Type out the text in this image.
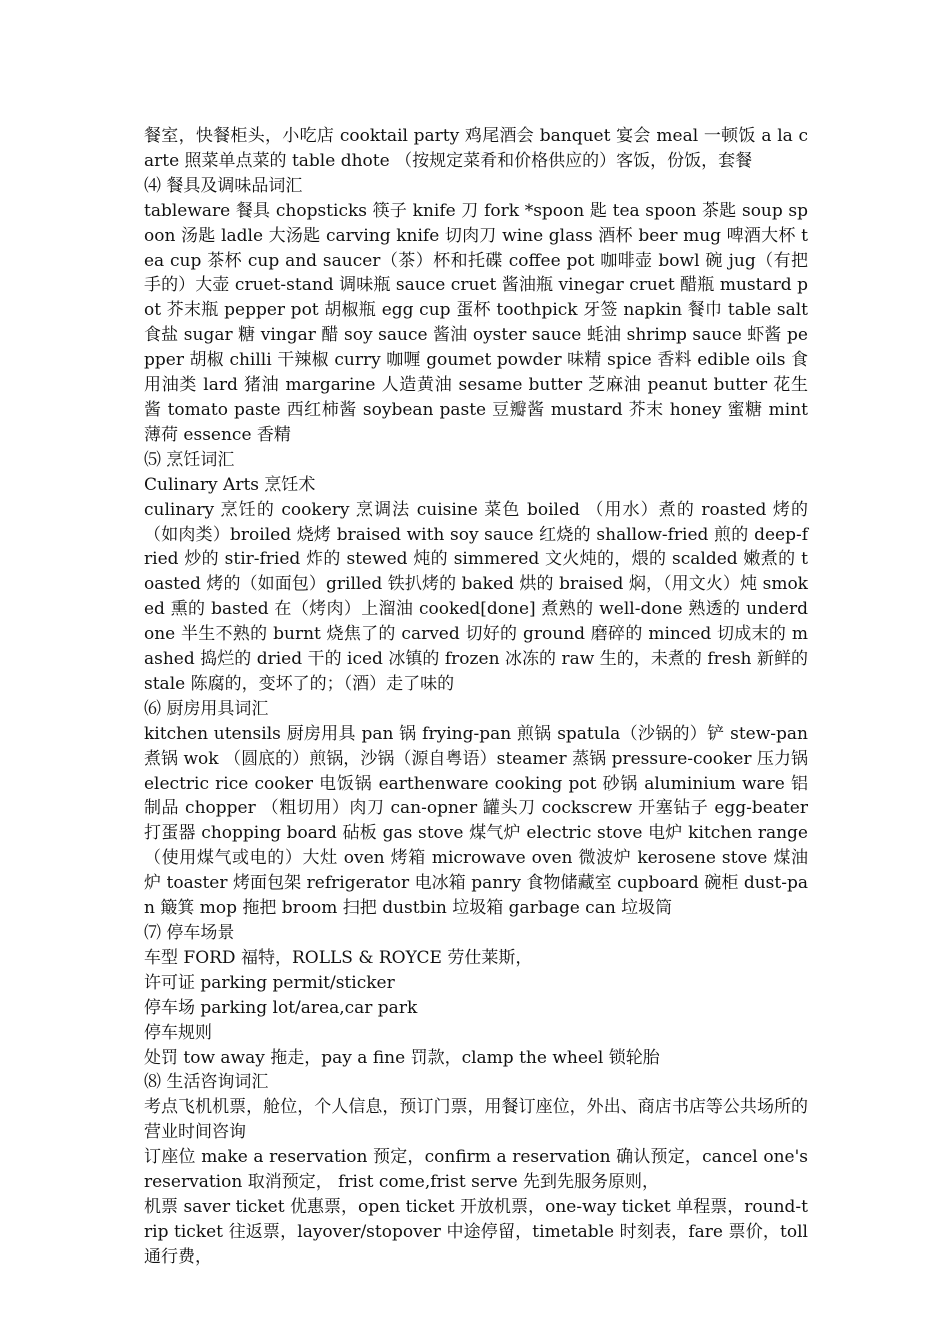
餐室，快餐柜头，小吃店 cooktail party 鸡尾酒会 banquet 宴会 meal 一顿饭 a la carte 照菜单点菜的 table dhote （按规定菜肴和价格供应的）客饭，份饭，套餐

⑷ 餐具及调味品词汇

tableware 餐具 chopsticks 筷子 knife 刀 fork *spoon 匙 tea spoon 茶匙 soup spoon 汤匙 ladle 大汤匙 carving knife 切肉刀 wine glass 酒杯 beer mug 啤酒大杯 tea cup 茶杯 cup and saucer（茶）杯和托碟 coffee pot 咖啡壶 bowl 碗 jug（有把手的）大壶 cruet-stand 调味瓶 sauce cruet 酱油瓶 vinegar cruet 醋瓶 mustard pot 芥末瓶 pepper pot 胡椒瓶 egg cup 蛋杯 toothpick 牙签 napkin 餐巾 table salt 食盐 sugar 糖 vingar 醋 soy sauce 酱油 oyster sauce 蚝油 shrimp sauce 虾酱 pepper 胡椒 chilli 干辣椒 curry 咖喱 goumet powder 味精 spice 香料 edible oils 食用油类 lard 猪油 margarine 人造黄油 sesame butter 芝麻油 peanut butter 花生酱 tomato paste 西红柿酱 soybean paste 豆瓣酱 mustard 芥末 honey 蜜糖 mint 薄荷 essence 香精

⑸ 烹饪词汇

Culinary Arts 烹饪术

culinary 烹饪的 cookery 烹调法 cuisine 菜色 boiled （用水）煮的 roasted 烤的（如肉类）broiled 烧烤 braised with soy sauce 红烧的 shallow-fried 煎的 deep-fried 炒的 stir-fried 炸的 stewed 炖的 simmered 文火炖的，煨的 scalded 嫩煮的 toasted 烤的（如面包）grilled 铁扒烤的 baked 烘的 braised 焖，（用文火）炖 smoked 熏的 basted 在（烤肉）上溜油 cooked[done] 煮熟的 well-done 熟透的 underdone 半生不熟的 burnt 烧焦了的 carved 切好的 ground 磨碎的 minced 切成末的 mashed 捣烂的 dried 干的 iced 冰镇的 frozen 冰冻的 raw 生的，未煮的 fresh 新鲜的 stale 陈腐的，变坏了的；（酒）走了味的

⑹ 厨房用具词汇

kitchen utensils 厨房用具 pan 锅 frying-pan 煎锅 spatula（沙锅的）铲 stew-pan 煮锅 wok （圆底的）煎锅，沙锅（源自粤语）steamer 蒸锅 pressure-cooker 压力锅 electric rice cooker 电饭锅 earthenware cooking pot 砂锅 aluminium ware 铝制品 chopper （粗切用）肉刀 can-opner 罐头刀 cockscrew 开塞钻子 egg-beater 打蛋器 chopping board 砧板 gas stove 煤气炉 electric stove 电炉 kitchen range （使用煤气或电的）大灶 oven 烤箱 microwave oven 微波炉 kerosene stove 煤油炉 toaster 烤面包架 refrigerator 电冰箱 panry 食物储藏室 cupboard 碗柜 dust-pan 簸箕 mop 拖把 broom 扫把 dustbin 垃圾箱 garbage can 垃圾筒

⑺ 停车场景

车型 FORD 福特，ROLLS & ROYCE 劳仕莱斯，

许可证 parking permit/sticker

停车场 parking lot/area,car park

停车规则

处罚 tow away 拖走，pay a fine 罚款，clamp the wheel 锁轮胎

⑻ 生活咨询词汇

考点飞机机票，舱位，个人信息，预订门票，用餐订座位，外出、商店书店等公共场所的营业时间咨询

订座位 make a reservation 预定，confirm a reservation 确认预定，cancel one's reservation 取消预定， frist come,frist serve 先到先服务原则，

机票 saver ticket 优惠票，open ticket 开放机票，one-way ticket 单程票，round-trip ticket 往返票，layover/stopover 中途停留，timetable 时刻表，fare 票价，toll 通行费，
